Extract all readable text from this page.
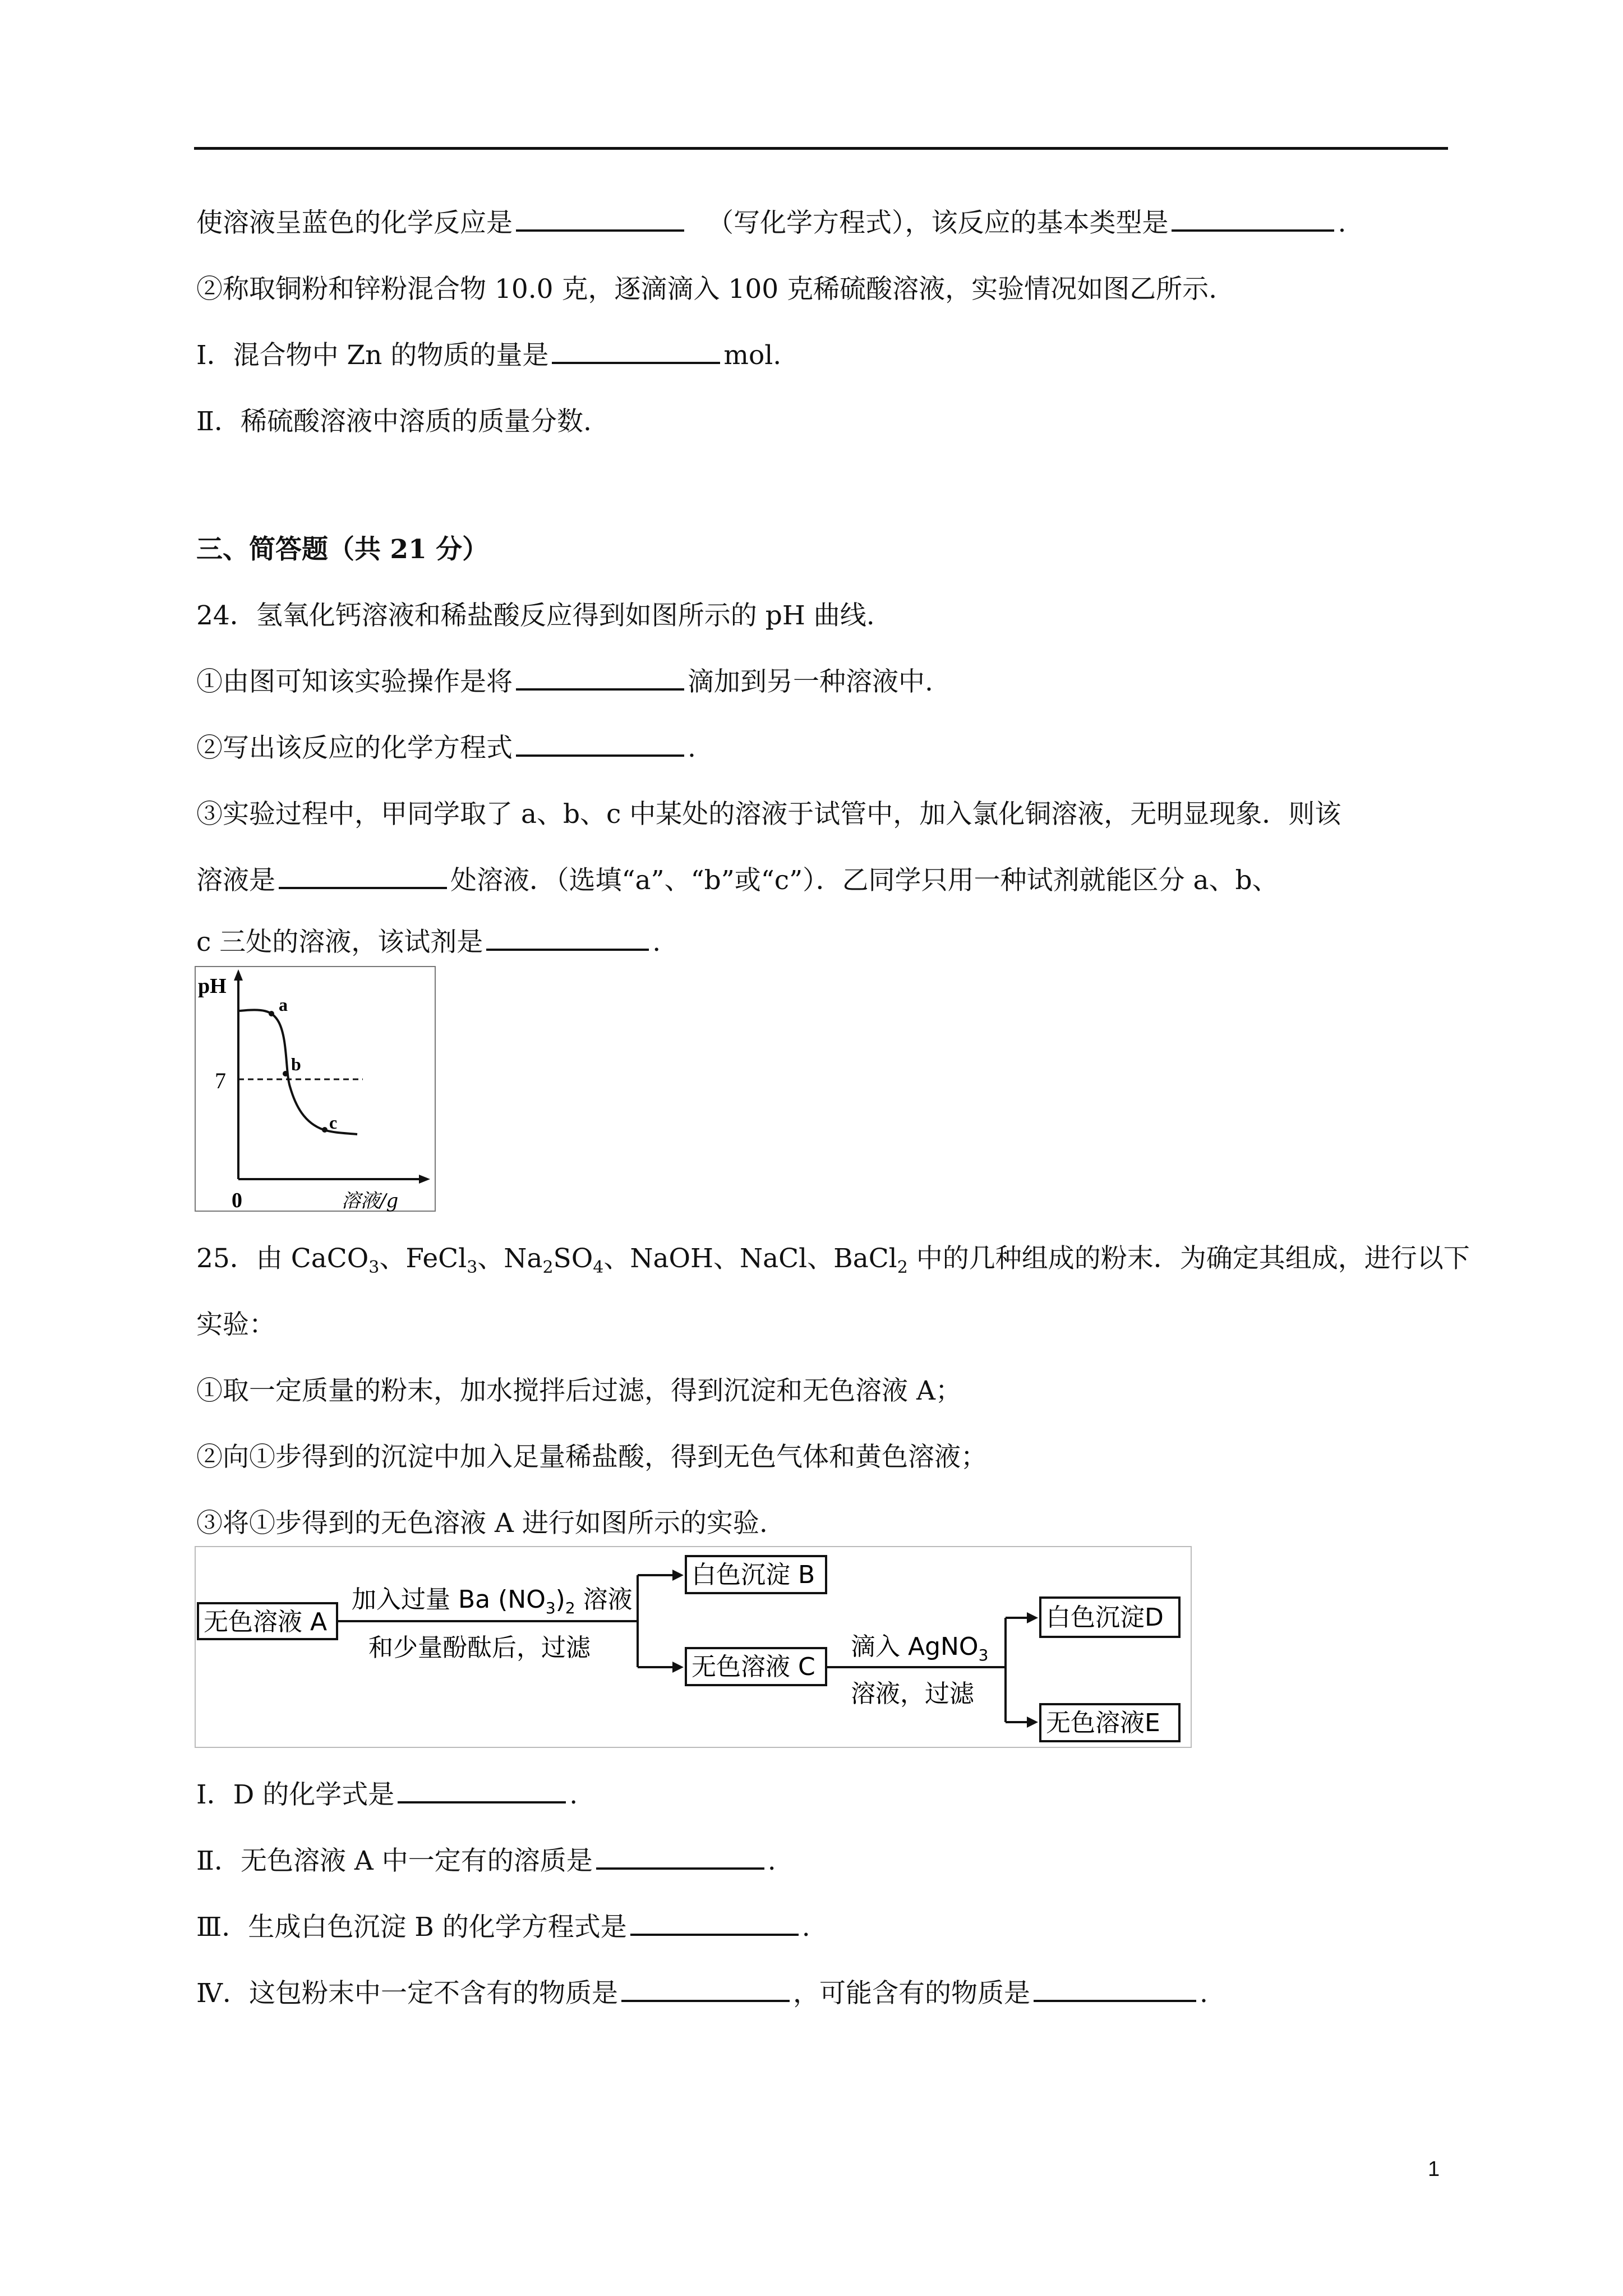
使溶液呈蓝色的化学反应是	（写化学方程式），该反应的基本类型是	.
②称取铜粉和锌粉混合物 10.0 克，逐滴滴入 100 克稀硫酸溶液，实验情况如图乙所示.
Ⅰ．混合物中 Zn 的物质的量是	mol.
Ⅱ．稀硫酸溶液中溶质的质量分数.
三、简答题（共 21 分）
24．氢氧化钙溶液和稀盐酸反应得到如图所示的 pH 曲线.
①由图可知该实验操作是将	滴加到另一种溶液中.
②写出该反应的化学方程式	.
③实验过程中，甲同学取了 a、b、c 中某处的溶液于试管中，加入氯化铜溶液，无明显现象．则该
溶液是	处溶液．（选填“a”、“b”或“c”）．乙同学只用一种试剂就能区分 a、b、
c 三处的溶液，该试剂是	.
pH
7
0	溶液/g
a
b
c
25．由 CaCO$_3$、FeCl$_3$、$Na_2SO_4$、NaOH、NaCl、BaCl$_2$ 中的几种组成的粉末．为确定其组成，进行以下
实验：
①取一定质量的粉末，加水搅拌后过滤，得到沉淀和无色溶液 A；
②向①步得到的沉淀中加入足量稀盐酸，得到无色气体和黄色溶液；
③将①步得到的无色溶液 A 进行如图所示的实验.
无色溶液 A
加入过量 Ba $(NO_3)_2$ 溶液
和少量酚酞后，过滤
白色沉淀 B
无色溶液 C
滴入 AgNO$_3$
溶液，过滤
白色沉淀D
无色溶液E
Ⅰ．D 的化学式是	.
Ⅱ．无色溶液 A 中一定有的溶质是	.
Ⅲ．生成白色沉淀 B 的化学方程式是	.
Ⅳ．这包粉末中一定不含有的物质是	，可能含有的物质是	.
1
